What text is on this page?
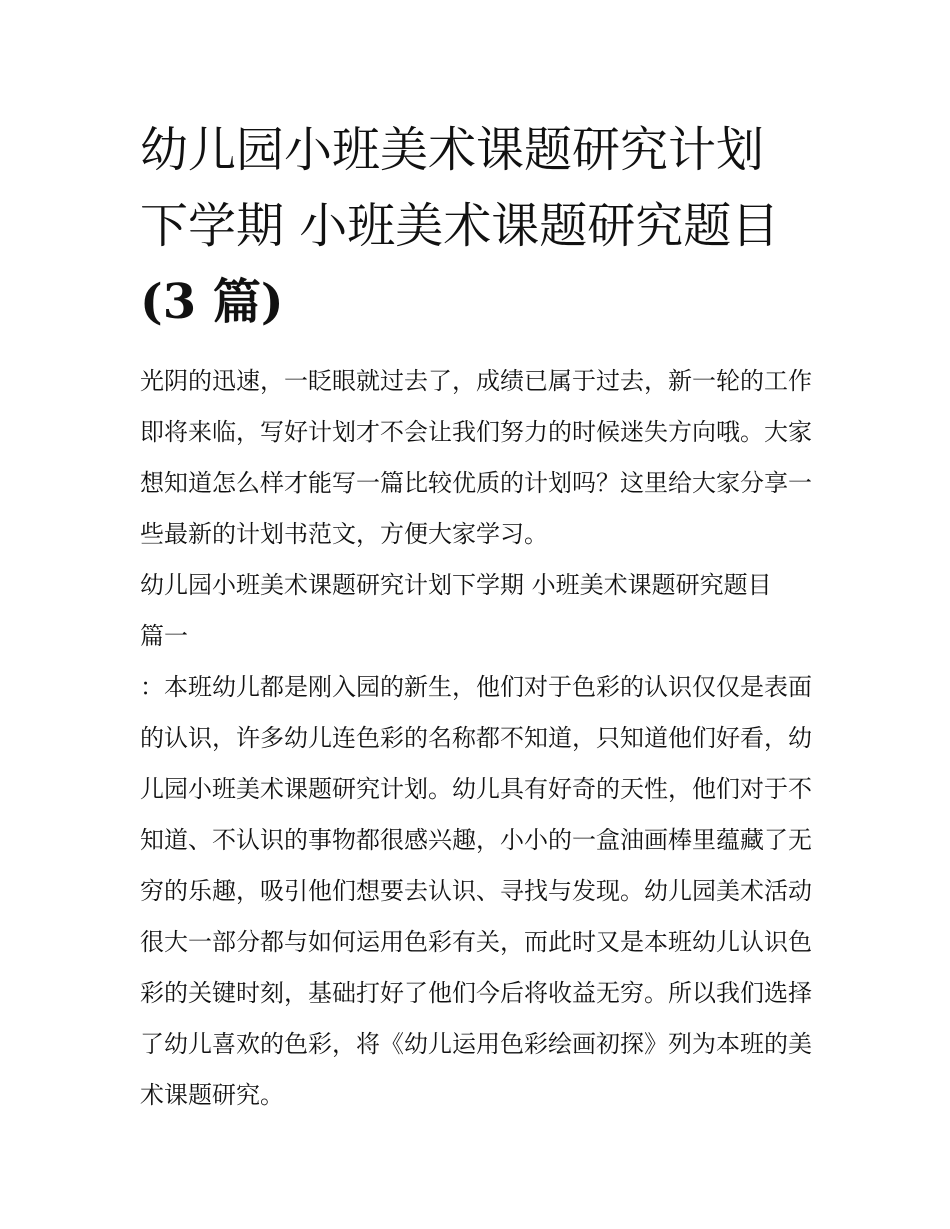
幼儿园小班美术课题研究计划
下学期 小班美术课题研究题目
(3 篇)

光阴的迅速，一眨眼就过去了，成绩已属于过去，新一轮的工作即将来临，写好计划才不会让我们努力的时候迷失方向哦。大家想知道怎么样才能写一篇比较优质的计划吗？这里给大家分享一些最新的计划书范文，方便大家学习。

幼儿园小班美术课题研究计划下学期 小班美术课题研究题目
篇一

：本班幼儿都是刚入园的新生，他们对于色彩的认识仅仅是表面的认识，许多幼儿连色彩的名称都不知道，只知道他们好看，幼儿园小班美术课题研究计划。幼儿具有好奇的天性，他们对于不知道、不认识的事物都很感兴趣，小小的一盒油画棒里蕴藏了无穷的乐趣，吸引他们想要去认识、寻找与发现。幼儿园美术活动很大一部分都与如何运用色彩有关，而此时又是本班幼儿认识色彩的关键时刻，基础打好了他们今后将收益无穷。所以我们选择了幼儿喜欢的色彩，将《幼儿运用色彩绘画初探》列为本班的美术课题研究。
